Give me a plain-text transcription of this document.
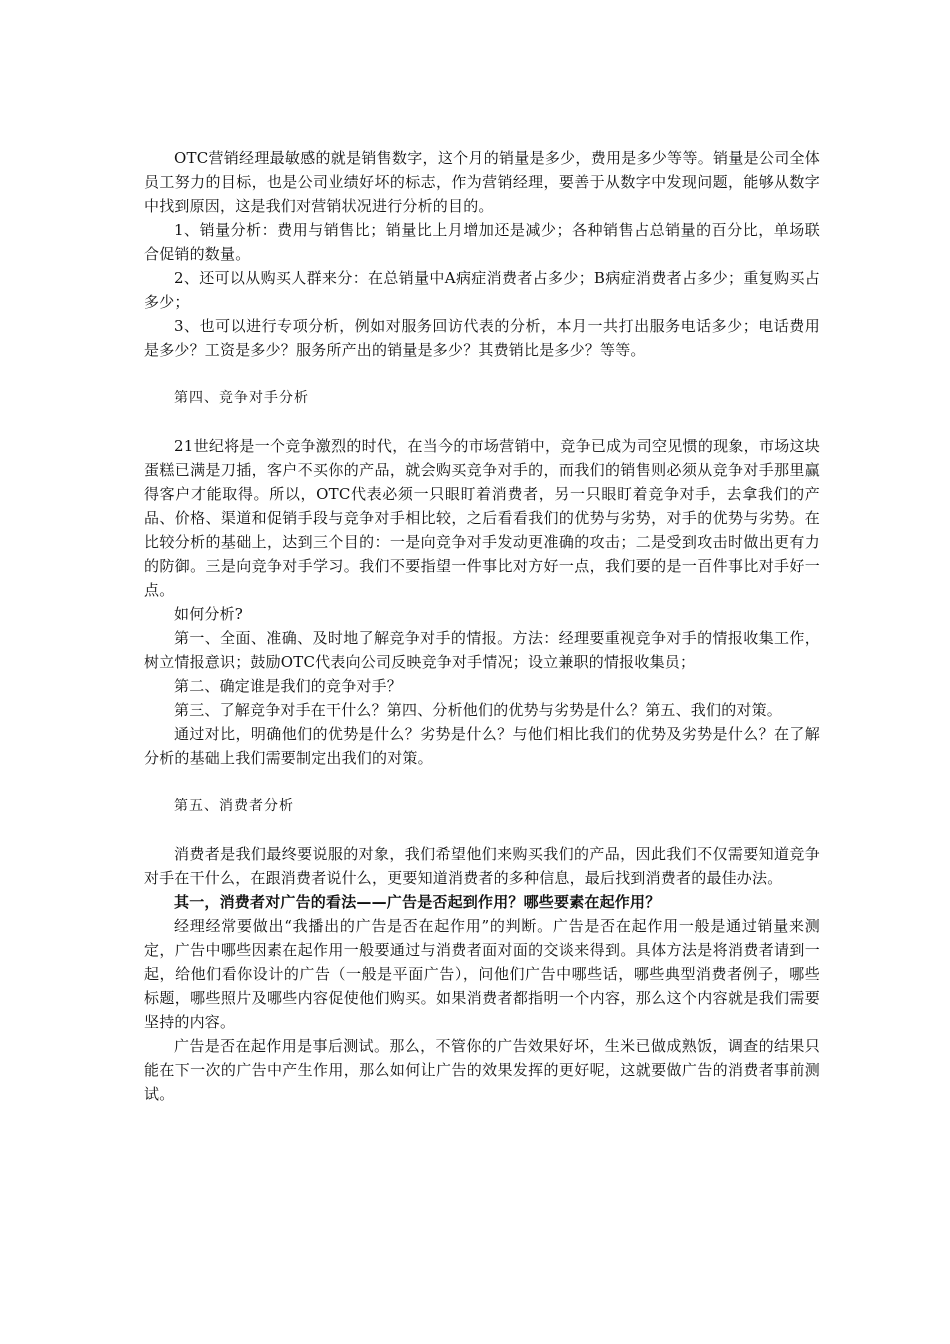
OTC营销经理最敏感的就是销售数字，这个月的销量是多少，费用是多少等等。销量是公司全体员工努力的目标，也是公司业绩好坏的标志，作为营销经理，要善于从数字中发现问题，能够从数字中找到原因，这是我们对营销状况进行分析的目的。

1、销量分析：费用与销售比；销量比上月增加还是减少；各种销售占总销量的百分比，单场联合促销的数量。

2、还可以从购买人群来分：在总销量中A病症消费者占多少；B病症消费者占多少；重复购买占多少；

3、也可以进行专项分析，例如对服务回访代表的分析，本月一共打出服务电话多少；电话费用是多少？工资是多少？服务所产出的销量是多少？其费销比是多少？等等。

第四、竞争对手分析

21世纪将是一个竞争激烈的时代，在当今的市场营销中，竞争已成为司空见惯的现象，市场这块蛋糕已满是刀插，客户不买你的产品，就会购买竞争对手的，而我们的销售则必须从竞争对手那里赢得客户才能取得。所以，OTC代表必须一只眼盯着消费者，另一只眼盯着竞争对手，去拿我们的产品、价格、渠道和促销手段与竞争对手相比较，之后看看我们的优势与劣势，对手的优势与劣势。在比较分析的基础上，达到三个目的：一是向竞争对手发动更准确的攻击；二是受到攻击时做出更有力的防御。三是向竞争对手学习。我们不要指望一件事比对方好一点，我们要的是一百件事比对手好一点。

如何分析?

第一、全面、准确、及时地了解竞争对手的情报。方法：经理要重视竞争对手的情报收集工作，树立情报意识；鼓励OTC代表向公司反映竞争对手情况；设立兼职的情报收集员；

第二、确定谁是我们的竞争对手？

第三、了解竞争对手在干什么？第四、分析他们的优势与劣势是什么？第五、我们的对策。

通过对比，明确他们的优势是什么？劣势是什么？与他们相比我们的优势及劣势是什么？在了解分析的基础上我们需要制定出我们的对策。

第五、消费者分析

消费者是我们最终要说服的对象，我们希望他们来购买我们的产品，因此我们不仅需要知道竞争对手在干什么，在跟消费者说什么，更要知道消费者的多种信息，最后找到消费者的最佳办法。

其一，消费者对广告的看法——广告是否起到作用？哪些要素在起作用？

经理经常要做出“我播出的广告是否在起作用”的判断。广告是否在起作用一般是通过销量来测定，广告中哪些因素在起作用一般要通过与消费者面对面的交谈来得到。具体方法是将消费者请到一起，给他们看你设计的广告（一般是平面广告），问他们广告中哪些话，哪些典型消费者例子，哪些标题，哪些照片及哪些内容促使他们购买。如果消费者都指明一个内容，那么这个内容就是我们需要坚持的内容。

广告是否在起作用是事后测试。那么，不管你的广告效果好坏，生米已做成熟饭，调查的结果只能在下一次的广告中产生作用，那么如何让广告的效果发挥的更好呢，这就要做广告的消费者事前测试。
